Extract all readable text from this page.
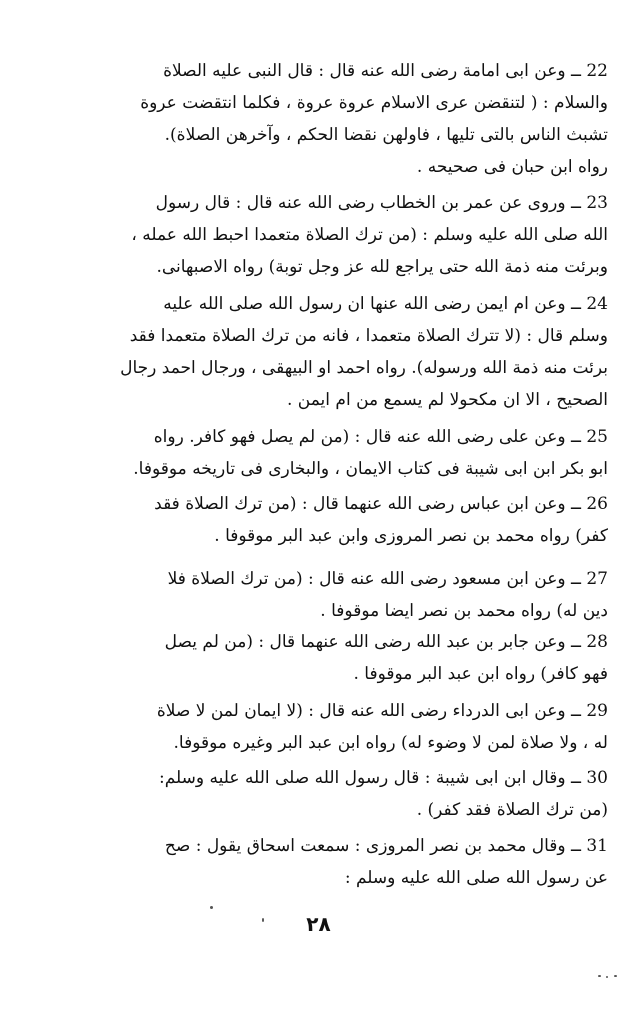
22 ــ وعن ابى امامة رضى الله عنه قال : قال النبى عليه الصلاة
والسلام : ( لتنقضن عرى الاسلام عروة عروة ، فكلما انتقضت عروة
تشبث الناس بالتى تليها ، فاولهن نقضا الحكم ، وآخرهن الصلاة).
رواه ابن حبان فى صحيحه .
23 ــ وروى عن عمر بن الخطاب رضى الله عنه قال : قال رسول
الله صلى الله عليه وسلم : (من ترك الصلاة متعمدا احبط الله عمله ،
وبرئت منه ذمة الله حتى يراجع لله عز وجل توبة) رواه الاصبهانى.
24 ــ وعن ام ايمن رضى الله عنها ان رسول الله صلى الله عليه
وسلم قال : (لا تترك الصلاة متعمدا ، فانه من ترك الصلاة متعمدا فقد
برئت منه ذمة الله ورسوله). رواه احمد او البيهقى ، ورجال احمد رجال
الصحيح ، الا ان مكحولا لم يسمع من ام ايمن .
25 ــ وعن على رضى الله عنه قال : (من لم يصل فهو كافر. رواه
ابو بكر ابن ابى شيبة فى كتاب الايمان ، والبخارى فى تاريخه موقوفا.
26 ــ وعن ابن عباس رضى الله عنهما قال : (من ترك الصلاة فقد
كفر) رواه محمد بن نصر المروزى وابن عبد البر موقوفا .
27 ــ وعن ابن مسعود رضى الله عنه قال : (من ترك الصلاة فلا
دين له) رواه محمد بن نصر ايضا موقوفا .
28 ــ وعن جابر بن عبد الله رضى الله عنهما قال : (من لم يصل
فهو كافر) رواه ابن عبد البر موقوفا .
29 ــ وعن ابى الدرداء رضى الله عنه قال : (لا ايمان لمن لا صلاة
له ، ولا صلاة لمن لا وضوء له) رواه ابن عبد البر وغيره موقوفا.
30 ــ وقال ابن ابى شيبة : قال رسول الله صلى الله عليه وسلم:
(من ترك الصلاة فقد كفر) .
31 ــ وقال محمد بن نصر المروزى : سمعت اسحاق يقول : صح
عن رسول الله صلى الله عليه وسلم :
٢٨
